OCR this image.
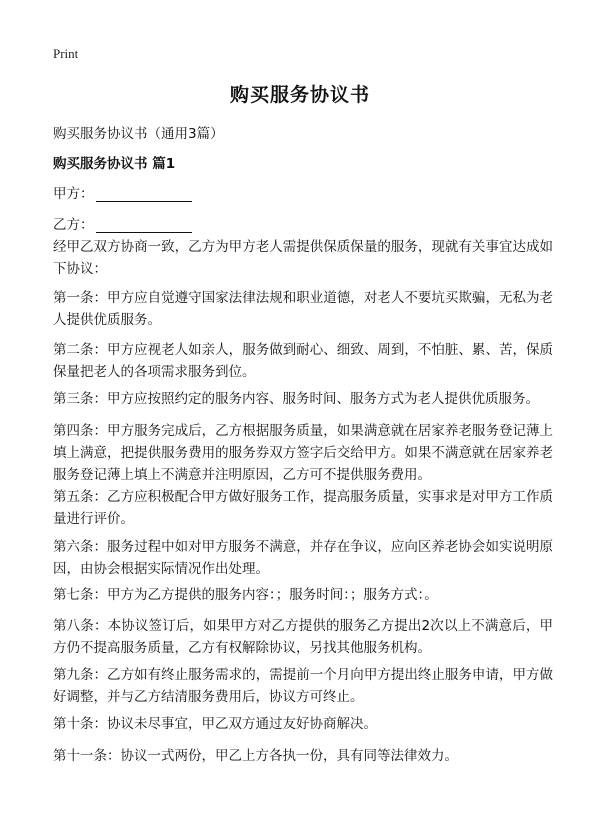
Print
购买服务协议书
购买服务协议书（通用3篇）
购买服务协议书 篇1
甲方：
乙方：

经甲乙双方协商一致，乙方为甲方老人需提供保质保量的服务，现就有关事宜达成如下协议：

第一条：甲方应自觉遵守国家法律法规和职业道德，对老人不要坑买欺骗，无私为老人提供优质服务。

第二条：甲方应视老人如亲人，服务做到耐心、细致、周到，不怕脏、累、苦，保质保量把老人的各项需求服务到位。

第三条：甲方应按照约定的服务内容、服务时间、服务方式为老人提供优质服务。

第四条：甲方服务完成后，乙方根据服务质量，如果满意就在居家养老服务登记薄上填上满意，把提供服务费用的服务券双方签字后交给甲方。如果不满意就在居家养老服务登记薄上填上不满意并注明原因，乙方可不提供服务费用。

第五条：乙方应积极配合甲方做好服务工作，提高服务质量，实事求是对甲方工作质量进行评价。

第六条：服务过程中如对甲方服务不满意，并存在争议，应向区养老协会如实说明原因，由协会根据实际情况作出处理。

第七条：甲方为乙方提供的服务内容：；服务时间：；服务方式：。

第八条：本协议签订后，如果甲方对乙方提供的服务乙方提出2次以上不满意后，甲方仍不提高服务质量，乙方有权解除协议，另找其他服务机构。

第九条：乙方如有终止服务需求的，需提前一个月向甲方提出终止服务申请，甲方做好调整，并与乙方结清服务费用后，协议方可终止。

第十条：协议未尽事宜，甲乙双方通过友好协商解决。

第十一条：协议一式两份，甲乙上方各执一份，具有同等法律效力。
